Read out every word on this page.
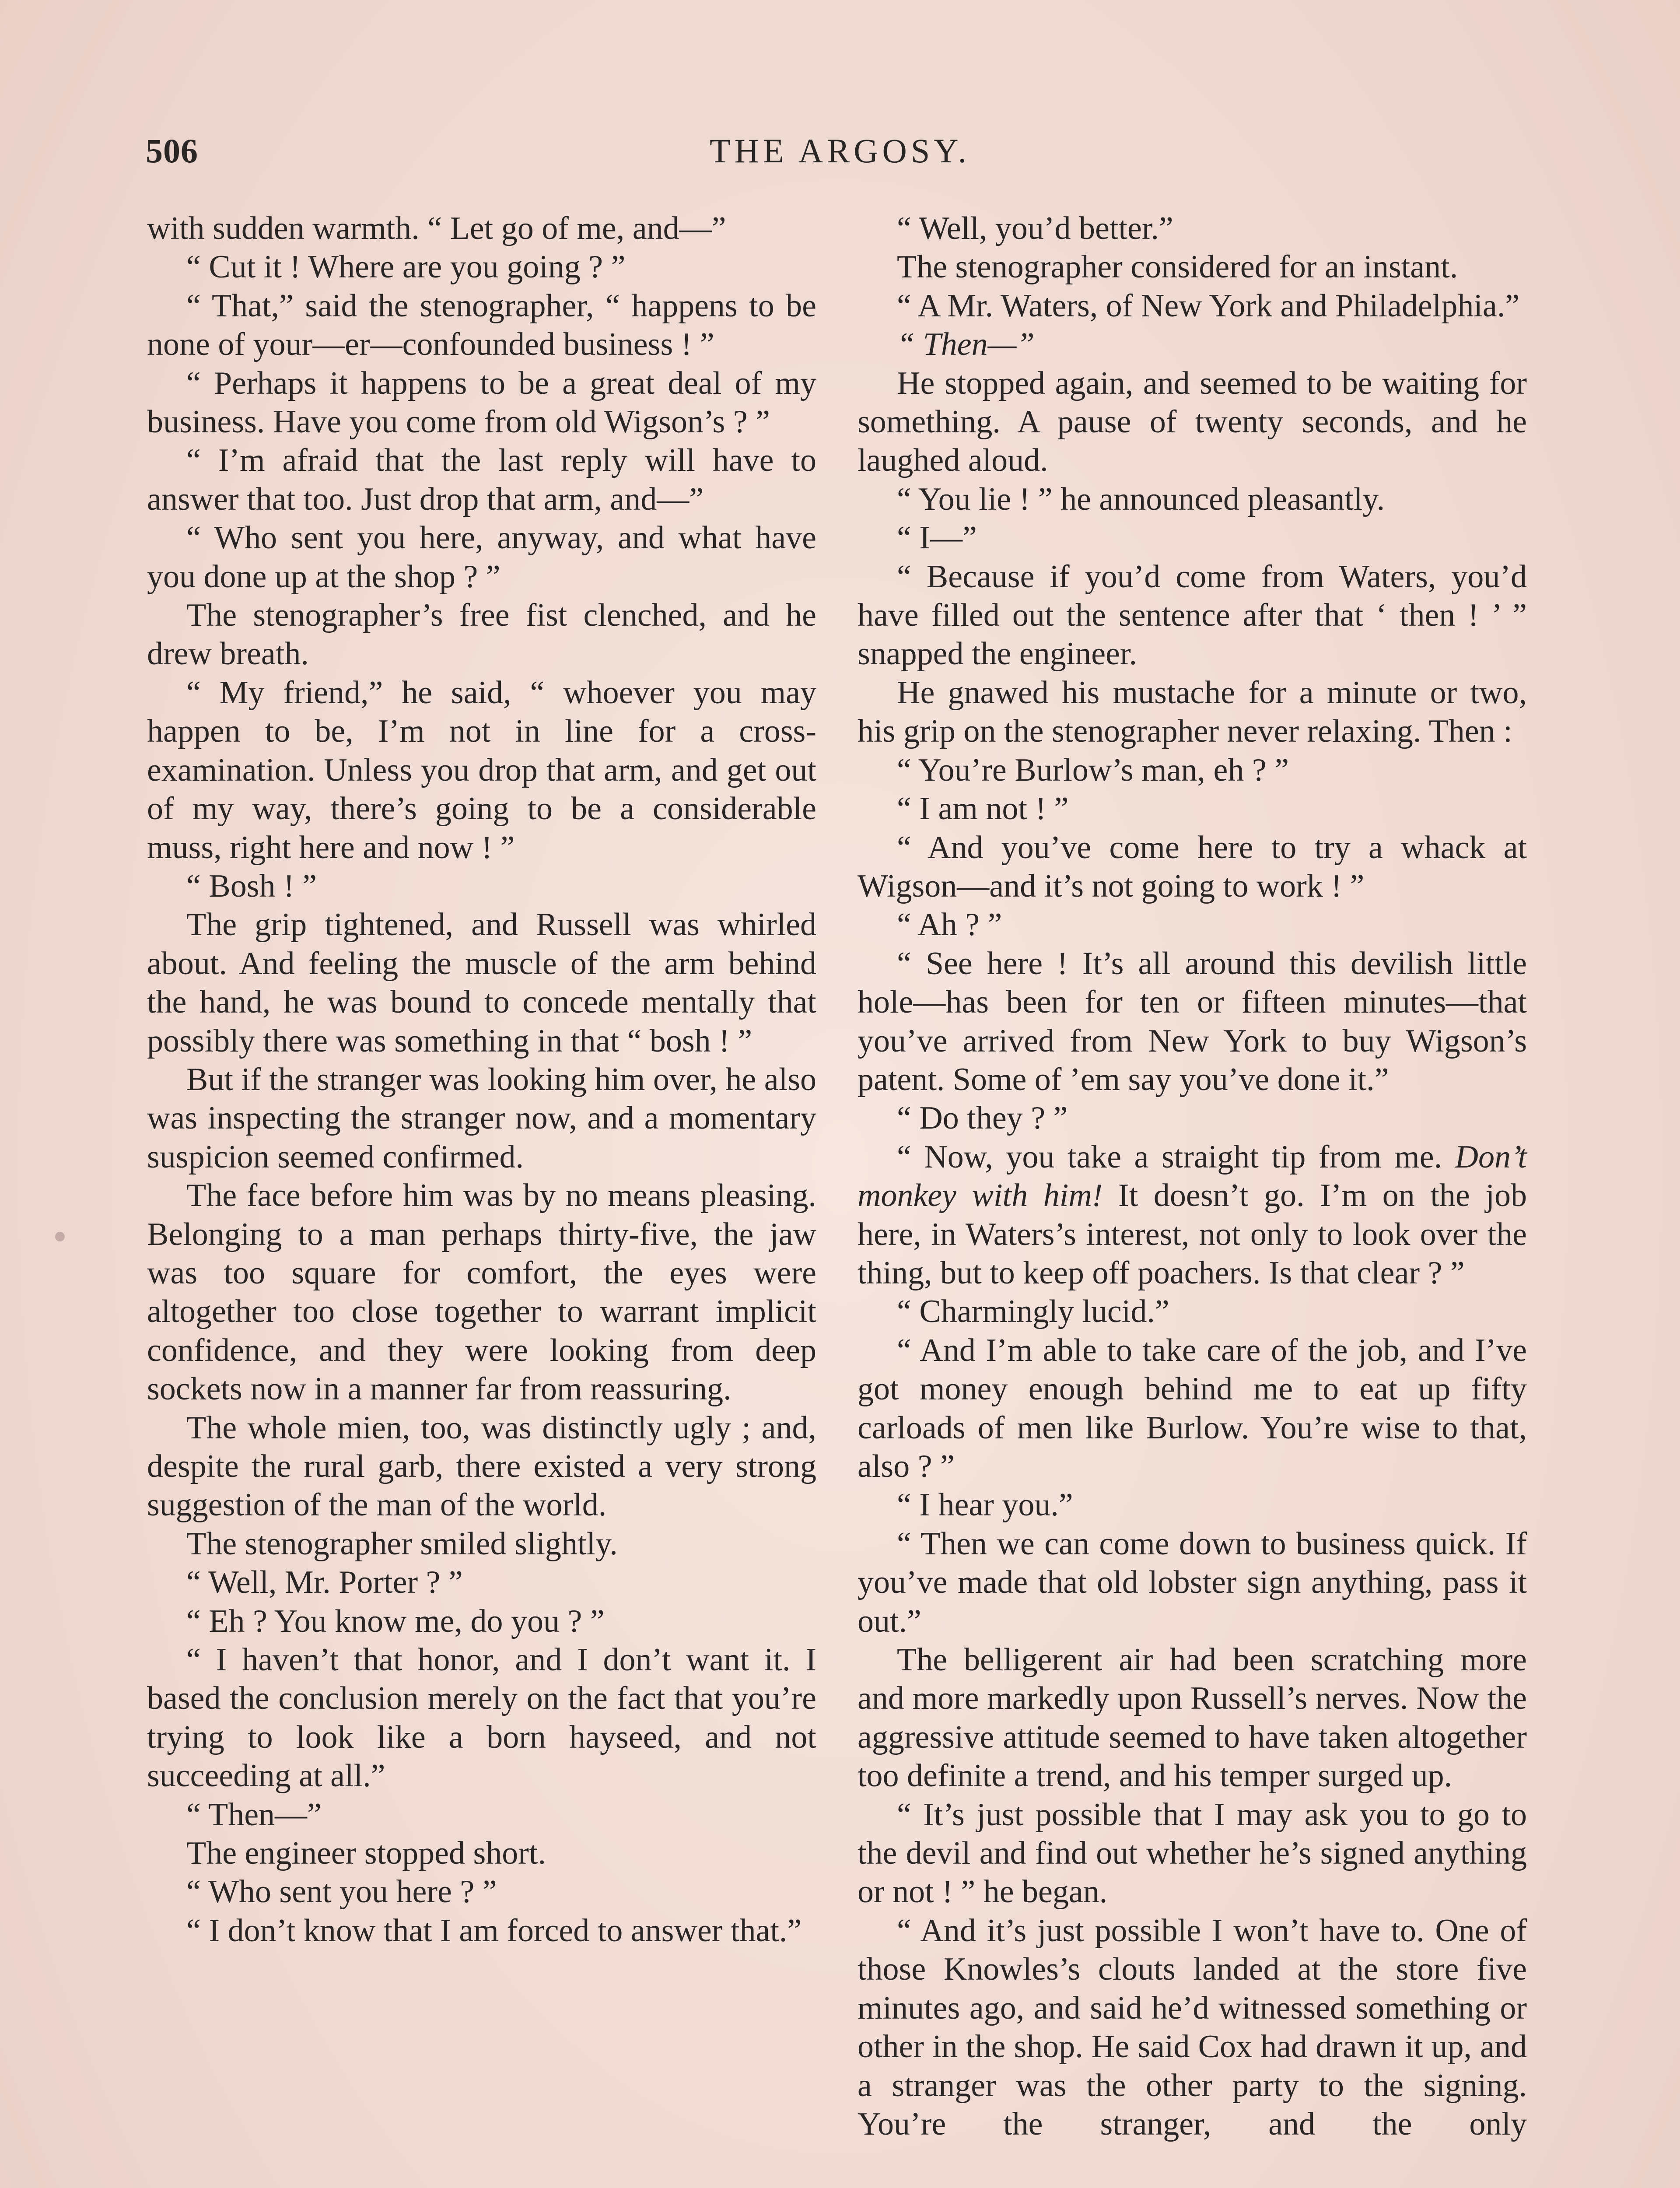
506	THE ARGOSY.

with sudden warmth. “ Let go of me, and—”

“ Cut it ! Where are you going ? ”

“ That,” said the stenographer, “ happens to be none of your—er—confounded business ! ”

“ Perhaps it happens to be a great deal of my business. Have you come from old Wigson’s ? ”

“ I’m afraid that the last reply will have to answer that too. Just drop that arm, and—”

“ Who sent you here, anyway, and what have you done up at the shop ? ”

The stenographer’s free fist clenched, and he drew breath.

“ My friend,” he said, “ whoever you may happen to be, I’m not in line for a cross-examination. Unless you drop that arm, and get out of my way, there’s going to be a considerable muss, right here and now ! ”

“ Bosh ! ”

The grip tightened, and Russell was whirled about. And feeling the muscle of the arm behind the hand, he was bound to concede mentally that possibly there was something in that “ bosh ! ”

But if the stranger was looking him over, he also was inspecting the stranger now, and a momentary suspicion seemed confirmed.

The face before him was by no means pleasing. Belonging to a man perhaps thirty-five, the jaw was too square for comfort, the eyes were altogether too close together to warrant implicit confidence, and they were looking from deep sockets now in a manner far from reassuring.

The whole mien, too, was distinctly ugly ; and, despite the rural garb, there existed a very strong suggestion of the man of the world.

The stenographer smiled slightly.

“ Well, Mr. Porter ? ”

“ Eh ? You know me, do you ? ”

“ I haven’t that honor, and I don’t want it. I based the conclusion merely on the fact that you’re trying to look like a born hayseed, and not succeeding at all.”

“ Then—”

The engineer stopped short.

“ Who sent you here ? ”

“ I don’t know that I am forced to answer that.”

“ Well, you’d better.”

The stenographer considered for an instant.

“ A Mr. Waters, of New York and Philadelphia.”

“ Then—”

He stopped again, and seemed to be waiting for something. A pause of twenty seconds, and he laughed aloud.

“ You lie ! ” he announced pleasantly.

“ I—”

“ Because if you’d come from Waters, you’d have filled out the sentence after that ‘ then ! ’ ” snapped the engineer.

He gnawed his mustache for a minute or two, his grip on the stenographer never relaxing. Then :

“ You’re Burlow’s man, eh ? ”

“ I am not ! ”

“ And you’ve come here to try a whack at Wigson—and it’s not going to work ! ”

“ Ah ? ”

“ See here ! It’s all around this devilish little hole—has been for ten or fifteen minutes—that you’ve arrived from New York to buy Wigson’s patent. Some of ’em say you’ve done it.”

“ Do they ? ”

“ Now, you take a straight tip from me. Don’t monkey with him! It doesn’t go. I’m on the job here, in Waters’s interest, not only to look over the thing, but to keep off poachers. Is that clear ? ”

“ Charmingly lucid.”

“ And I’m able to take care of the job, and I’ve got money enough behind me to eat up fifty carloads of men like Burlow. You’re wise to that, also ? ”

“ I hear you.”

“ Then we can come down to business quick. If you’ve made that old lobster sign anything, pass it out.”

The belligerent air had been scratching more and more markedly upon Russell’s nerves. Now the aggressive attitude seemed to have taken altogether too definite a trend, and his temper surged up.

“ It’s just possible that I may ask you to go to the devil and find out whether he’s signed anything or not ! ” he began.

“ And it’s just possible I won’t have to. One of those Knowles’s clouts landed at the store five minutes ago, and said he’d witnessed something or other in the shop. He said Cox had drawn it up, and a stranger was the other party to the signing. You’re the stranger, and the only
